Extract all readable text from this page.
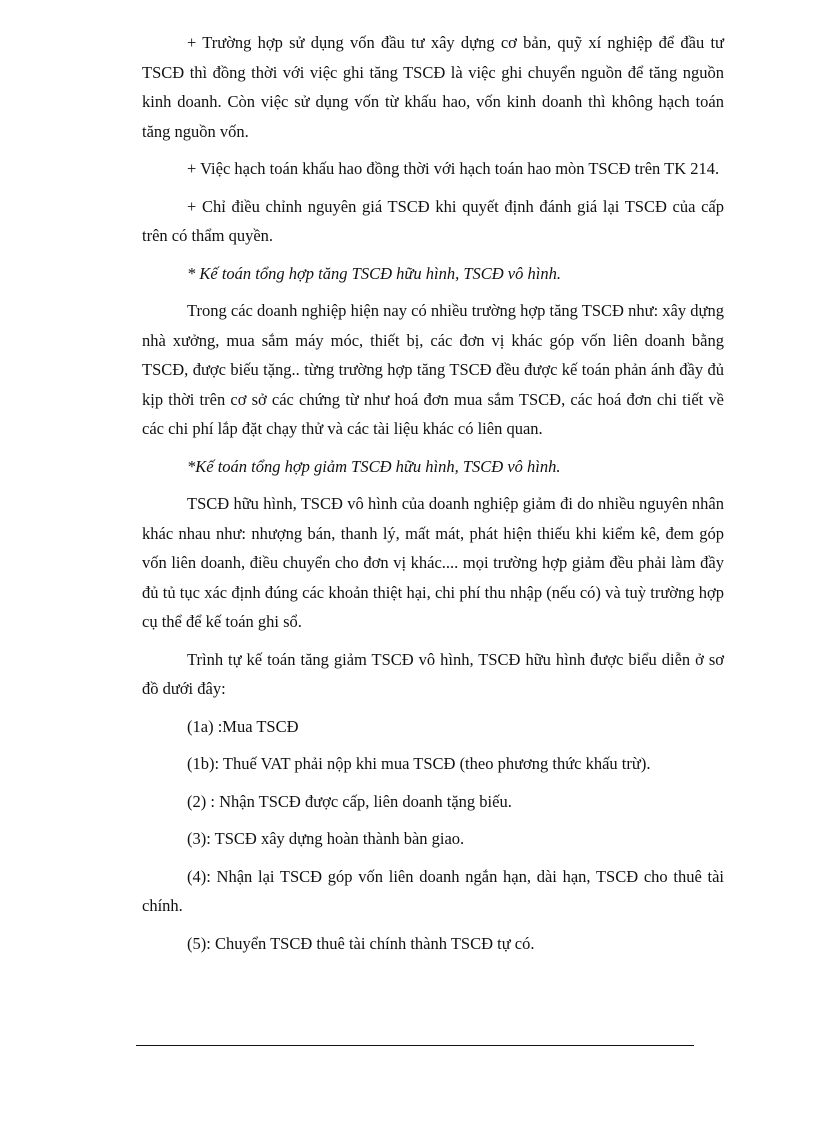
+ Trường hợp sử dụng vốn đầu tư xây dựng cơ bản, quỹ xí nghiệp để đầu tư TSCĐ thì đồng thời với việc ghi tăng TSCĐ là việc ghi chuyển nguồn để tăng nguồn kinh doanh. Còn việc sử dụng vốn từ khấu hao, vốn kinh doanh thì không hạch toán tăng nguồn vốn.

+ Việc hạch toán khấu hao đồng thời với hạch toán hao mòn TSCĐ trên TK 214.

+ Chỉ điều chỉnh nguyên giá TSCĐ khi quyết định đánh giá lại TSCĐ của cấp trên có thẩm quyền.

* Kế toán tổng hợp tăng TSCĐ hữu hình, TSCĐ vô hình.

Trong các doanh nghiệp hiện nay có nhiều trường hợp tăng TSCĐ như: xây dựng nhà xưởng, mua sắm máy móc, thiết bị, các đơn vị khác góp vốn liên doanh bằng TSCĐ, được biếu tặng.. từng trường hợp tăng TSCĐ đều được kế toán phản ánh đầy đủ kịp thời trên cơ sở các chứng từ như hoá đơn mua sắm TSCĐ, các hoá đơn chi tiết về các chi phí lắp đặt chạy thử và các tài liệu khác có liên quan.

*Kế toán tổng hợp giảm TSCĐ hữu hình, TSCĐ vô hình.

TSCĐ hữu hình, TSCĐ vô hình của doanh nghiệp giảm đi do nhiều nguyên nhân khác nhau như: nhượng bán, thanh lý, mất mát, phát hiện thiếu khi kiểm kê, đem góp vốn liên doanh, điều chuyển cho đơn vị khác.... mọi trường hợp giảm đều phải làm đầy đủ tủ tục xác định đúng các khoản thiệt hại, chi phí thu nhập (nếu có) và tuỳ trường hợp cụ thể để kế toán ghi sổ.

Trình tự kế toán tăng giảm TSCĐ vô hình, TSCĐ hữu hình được biểu diễn ở sơ đồ dưới đây:

(1a) :Mua TSCĐ

(1b): Thuế VAT phải nộp khi mua TSCĐ (theo phương thức khấu trừ).

(2) : Nhận TSCĐ được cấp, liên doanh tặng biếu.

(3): TSCĐ xây dựng hoàn thành bàn giao.

(4): Nhận lại TSCĐ góp vốn liên doanh ngắn hạn, dài hạn, TSCĐ cho thuê tài chính.

(5): Chuyển TSCĐ thuê tài chính thành TSCĐ tự có.
